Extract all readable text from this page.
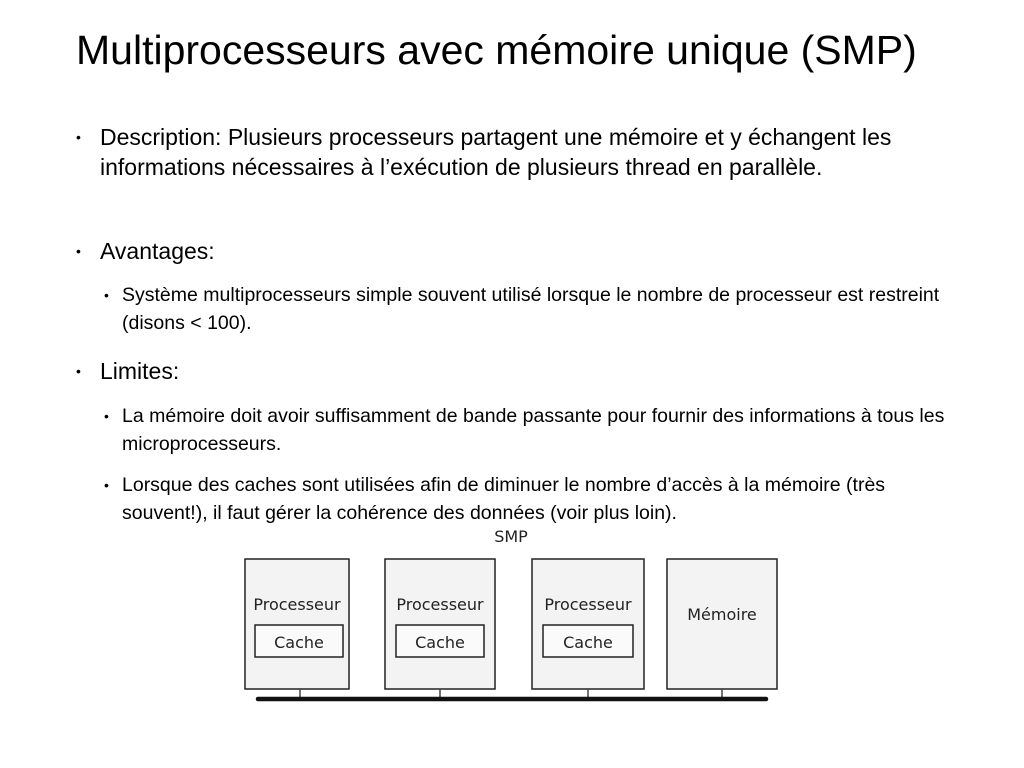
Multiprocesseurs avec mémoire unique (SMP)
• Description: Plusieurs processeurs partagent une mémoire et y échangent les informations nécessaires à l’exécution de plusieurs thread en parallèle.
• Avantages:
• Système multiprocesseurs simple souvent utilisé lorsque le nombre de processeur est restreint (disons < 100).
• Limites:
• La mémoire doit avoir suffisamment de bande passante pour fournir des informations à tous les microprocesseurs.
• Lorsque des caches sont utilisées afin de diminuer le nombre d’accès à la mémoire (très souvent!), il faut gérer la cohérence des données (voir plus loin).
SMP
Processeur
Cache
Processeur
Cache
Processeur
Cache
Mémoire
